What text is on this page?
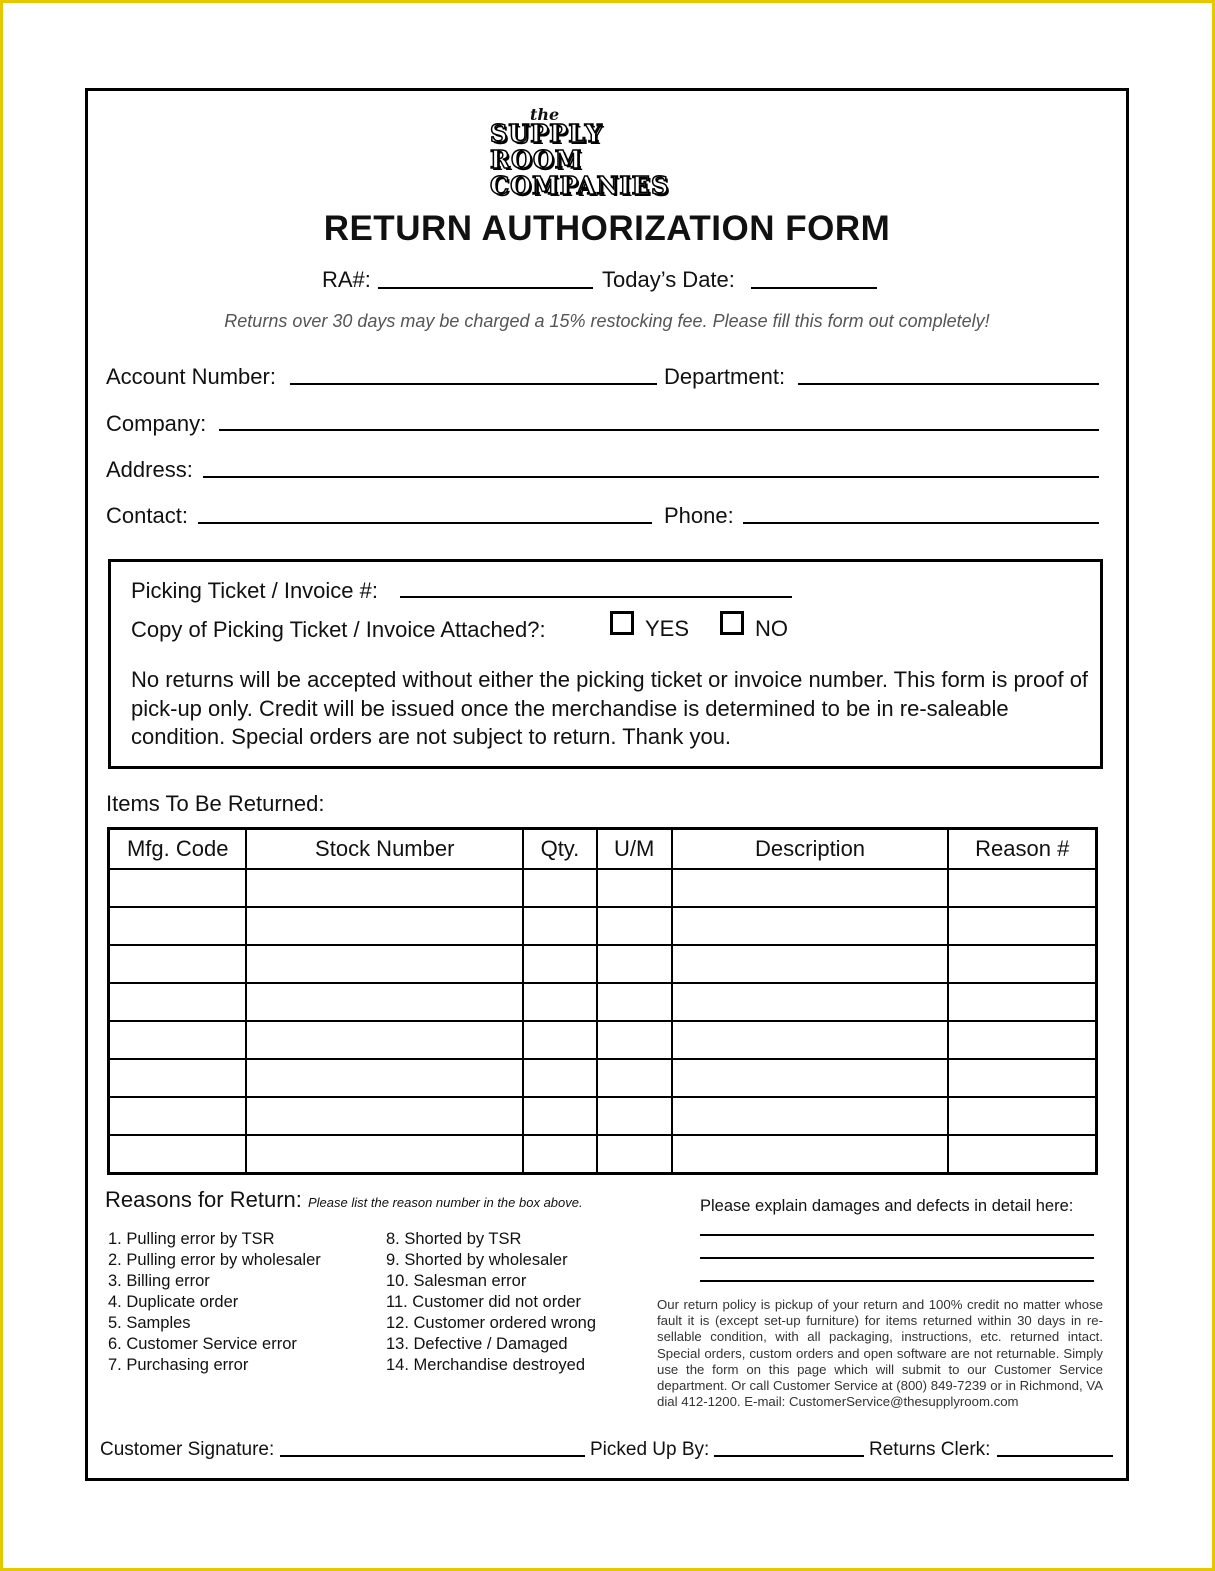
the
SUPPLY
ROOM
COMPANIES
RETURN AUTHORIZATION FORM
RA#:	Today’s Date:
Returns over 30 days may be charged a 15% restocking fee. Please fill this form out completely!
Account Number:	Department:
Company:
Address:
Contact:	Phone:
Picking Ticket / Invoice #:
Copy of Picking Ticket / Invoice Attached?:	YES	NO
No returns will be accepted without either the picking ticket or invoice number. This form is proof of pick-up only. Credit will be issued once the merchandise is determined to be in re-saleable condition. Special orders are not subject to return. Thank you.
Items To Be Returned:
Mfg. Code	Stock Number	Qty.	U/M	Description	Reason #

Reasons for Return: Please list the reason number in the box above.
1. Pulling error by TSR
2. Pulling error by wholesaler
3. Billing error
4. Duplicate order
5. Samples
6. Customer Service error
7. Purchasing error
8. Shorted by TSR
9. Shorted by wholesaler
10. Salesman error
11. Customer did not order
12. Customer ordered wrong
13. Defective / Damaged
14. Merchandise destroyed
Please explain damages and defects in detail here:
Our return policy is pickup of your return and 100% credit no matter whose fault it is (except set-up furniture) for items returned within 30 days in re-sellable condition, with all packaging, instructions, etc. returned intact. Special orders, custom orders and open software are not returnable. Simply use the form on this page which will submit to our Customer Service department. Or call Customer Service at (800) 849-7239 or in Richmond, VA dial 412-1200. E-mail: CustomerService@thesupplyroom.com
Customer Signature:	Picked Up By:	Returns Clerk:
